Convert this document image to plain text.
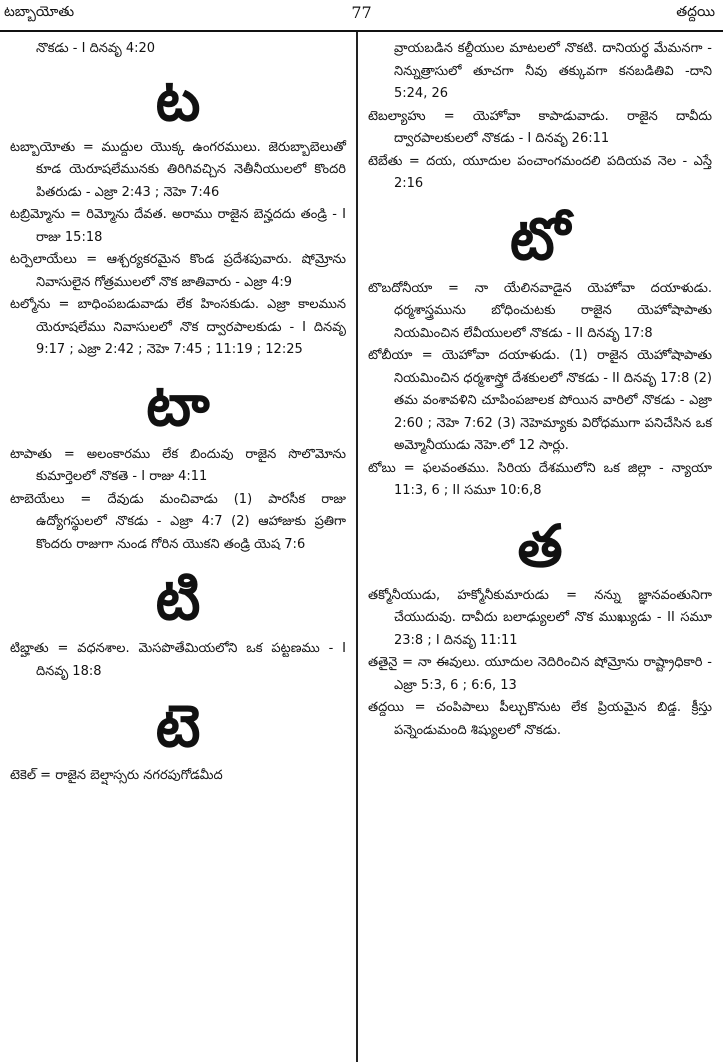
టబ్బాయోతు	77	తద్దయి

నొకడు - I దినవృ 4:20

ట

టబ్బాయోతు = ముద్దుల యొక్క ఉంగరములు. జెరుబ్బాబెలుతో కూడ యెరూషలేమునకు తిరిగివచ్చిన నెతీనీయులలో కొందరి పితరుడు - ఎజ్రా 2:43 ; నెహె 7:46

టబ్రిమ్మోను = రిమ్మోను దేవత. అరాము రాజైన బెన్హదదు తండ్రి - I రాజు 15:18

టర్పెలాయేలు = ఆశ్చర్యకరమైన కొండ ప్రదేశపువారు. షోమ్రోను నివాసులైన గోత్రములలో నొక జాతివారు - ఎజ్రా 4:9

టల్మోను = బాధింపబడువాడు లేక హింసకుడు. ఎజ్రా కాలమున యెరూషలేము నివాసులలో నొక ద్వారపాలకుడు - I దినవృ 9:17 ; ఎజ్రా 2:42 ; నెహె 7:45 ; 11:19 ; 12:25

టా

టాపాతు = అలంకారము లేక బిందువు రాజైన సొలొమోను కుమార్తెలలో నొకతె - I రాజు 4:11

టాబెయేలు = దేవుడు మంచివాడు (1) పారసీక రాజు ఉద్యోగస్థులలో నొకడు - ఎజ్రా 4:7 (2) ఆహాజుకు ప్రతిగా కొందరు రాజుగా నుండ గోరిన యొకని తండ్రి యెష 7:6

టి

టిబ్హాతు = వధనశాల. మెసపొతేమియలోని ఒక పట్టణము - I దినవృ 18:8

టె

టెకెల్ = రాజైన బెల్షాస్సరు నగరపుగోడమీద

వ్రాయబడిన కల్దీయుల మాటలలో నొకటి. దానియర్థ మేమనగా - నిన్నుత్రాసులో తూచగా నీవు తక్కువగా కనబడితివి -దాని 5:24, 26

టెబల్యాహు = యెహోవా కాపాడువాడు. రాజైన దావీదు ద్వారపాలకులలో నొకడు - I దినవృ 26:11

టెబేతు = దయ, యూదుల పంచాంగమందలి పదియవ నెల - ఎస్తే 2:16

టో

టొబదోనీయా = నా యేలినవాడైన యెహోవా దయాళుడు. ధర్మశాస్త్రమును బోధించుటకు రాజైన యెహోషాపాతు నియమించిన లేవీయులలో నొకడు - II దినవృ 17:8

టోబీయా = యెహోవా దయాళుడు. (1) రాజైన యెహోషాపాతు నియమించిన ధర్మశాస్త్రో దేశకులలో నొకడు - II దినవృ 17:8 (2) తమ వంశావళిని చూపింపజాలక పోయిన వారిలో నొకడు - ఎజ్రా 2:60 ; నెహె 7:62 (3) నెహెమ్యాకు విరోధముగా పనిచేసిన ఒక అమ్మోనీయుడు నెహె.లో 12 సార్లు.

టోబు = ఫలవంతము. సిరియ దేశములోని ఒక జిల్లా - న్యాయా 11:3, 6 ; II సమూ 10:6,8

త

తక్మోనీయుడు, హక్మోనీకుమారుడు = నన్ను జ్ఞానవంతునిగా చేయుదువు. దావీదు బలాఢ్యులలో నొక ముఖ్యుడు - II సమూ 23:8 ; I దినవృ 11:11

తతైనై = నా ఈవులు. యూదుల నెదిరించిన షోమ్రోను రాష్ట్రాధికారి - ఎజ్రా 5:3, 6 ; 6:6, 13

తద్దయి = చంపిపాలు పీల్చుకొనుట లేక ప్రియమైన బిడ్డ. క్రీస్తు పన్నెండుమంది శిష్యులలో నొకడు.
